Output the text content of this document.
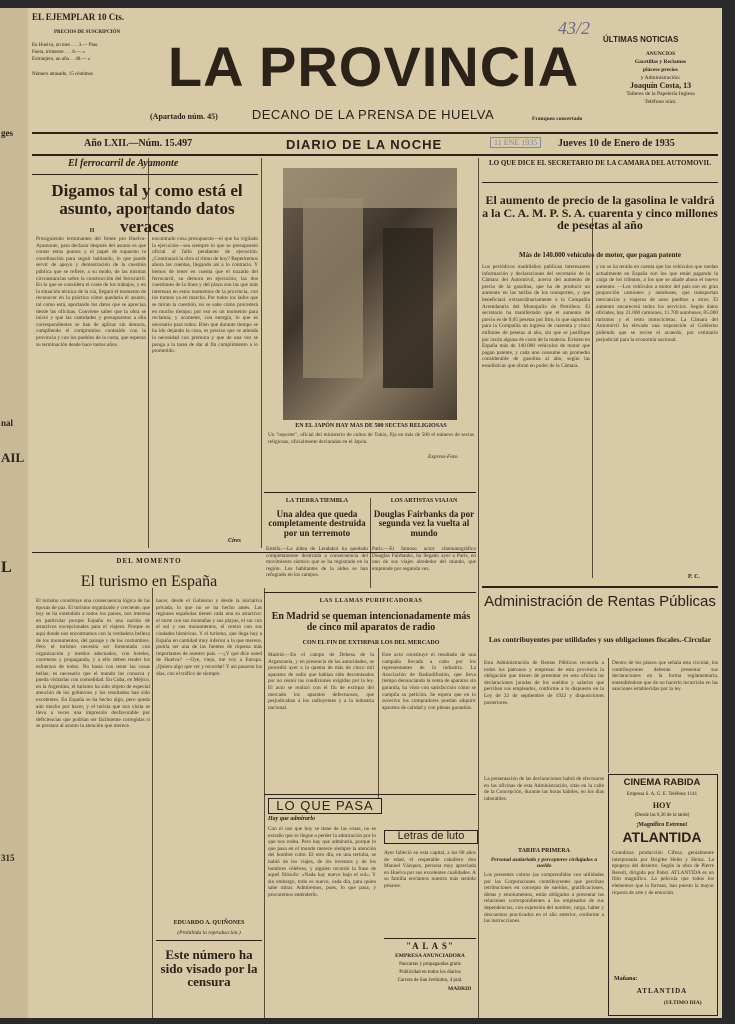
ges
nal
AIL
L
315
EL EJEMPLAR 10 Cts.
PRECIOS DE SUSCRIPCIÓN
En Huelva, un mes . . . 3.— Ptas.
Fuera, trimestre . . . 8.— »
Extranjero, un año . . 48.— »
Número atrasado, 15 céntimos	LA PROVINCIA
DECANO DE LA PRENSA DE HUELVA
(Apartado núm. 45)
ÚLTIMAS NOTICIAS
ANUNCIOS
Gacetillas y Reclamos
plácese precios
y Administración:
Joaquín Costa, 13
Talleres de la Papelería Inglesa
Teléfono núm.
Franqueo concertado
43/2
11 ENE 1935
Año LXII.—Núm. 15.497	DIARIO DE LA NOCHE	Jueves 10 de Enero de 1935
El ferrocarril de Ayamonte
Digamos tal y como está el asunto, aportando datos veraces
II
Prosiguiendo terminantes del frente pro Huelva-Ayamonte, para declarar después del asunto es que contar estos puntos y el papel de supuesto la coordinación para seguir hablando, lo que puede servir de apoyo y demostración de la cuestión pública que se refiere, a su modo, de las mismas circunstancias sobre la construcción del ferrocarril. En lo que se considera el coste de los trabajos, y en la situación técnica de la vía, llegará el momento de reconocer en la práctica cómo quedaría el asunto, tal como está, aportando los datos que se aprecian desde las oficinas. Conviene saber que la obra se inició y que las cantidades y presupuestos a ella correspondientes se han de aplicar sin demora, cumpliendo el compromiso contraído con la provincia y con los pueblos de la costa, que esperan su terminación desde hace tantos años.
encontrado cosa presupuesto—el que ha vigilado la ejecución—sea siempre lo que se presupuestó oficial al fallo pendiente de ejecución. ¿Continuará la obra al ritmo de hoy? Repetiremos ahora las cuentas, llegando así a lo contrario. Y hemos de tener en cuenta que el trazado del ferrocarril, su demora en ejecución, las dos cuestiones de la línea y del plazo son las que más interesan en estos momentos de la provincia, con los tramos ya en marcha. Por todos los lados que se miran la cuestión, no se sabe cómo procederá en mucho tiempo; por eso es un momento para reclamar, y acometer, con energía, lo que es necesario para todos. Bien que durante tiempo se ha ido dejando la cosa, es preciso que se atienda la necesidad con premura y que de una vez se ponga a la tarea de dar al fin cumplimiento a lo prometido.
Cires
EN EL JAPÓN HAY MAS DE 500 SECTAS RELIGIOSAS
Un "reporter", oficial del ministerio de cultos de Tokio, fija en más de 500 el número de sectas religiosas, oficialmente declaradas en el Japón.
Express-Foto.
LA TIERRA TIEMBLA
Una aldea que queda completamente destruida por un terremoto
Estella.—La aldea de Lendakoi ha quedado completamente destruida a consecuencia del movimiento sísmico que se ha registrado en la región. Los habitantes de la aldea se han refugiado en los campos.
LOS ARTISTAS VIAJAN
Douglas Fairbanks da por segunda vez la vuelta al mundo
Paris.—El famoso actor cinematográfico Douglas Fairbanks, ha llegado ayer a París, en uno de sus viajes alrededor del mundo, que emprende por segunda vez.
LO QUE DICE EL SECRETARIO DE LA CAMARA DEL AUTOMOVIL
El aumento de precio de la gasolina le valdrá a la C. A. M. P. S. A. cuarenta y cinco millones de pesetas al año
Más de 140.000 vehículos de motor, que pagan patente
Los periódicos madrileños publican interesantes información y declaraciones del secretario de la Cámara del Automóvil, acerca del aumento de precio de la gasolina, que ha de producir un aumento en las tarifas de los transportes, y que beneficiará extraordinariamente a la Compañía Arrendataria del Monopolio de Petróleos. El secretario ha manifestado que el aumento de precio es de 0,05 pesetas por litro, lo que supondrá para la Compañía un ingreso de cuarenta y cinco millones de pesetas al año, sin que se justifique por razón alguna de costo de la materia. Existen en España más de 140.000 vehículos de motor que pagan patente, y cada uno consume un promedio considerable de gasolina al año, según las estadísticas que obran en poder de la Cámara.
y no se ha tenido en cuenta que los vehículos que ruedan actualmente en España son los que están pagando la carga de los tributos, a los que se añade ahora el nuevo aumento. —Los vehículos a motor del país son en gran proporción camiones y autobuses, que transportan mercancías y viajeros de unos pueblos a otros. El aumento encarecerá todos los servicios. Según datos oficiales, hay 21.000 camiones, 11.700 autobuses, 85.000 turismos y el resto motocicletas. La Cámara del Automóvil ha elevado una exposición al Gobierno pidiendo que se revise el acuerdo, por estimarlo perjudicial para la economía nacional.
P. C.
DEL MOMENTO
El turismo en España
El turismo constituye una consecuencia lógica de las épocas de paz. El turismo organizado y creciente, que hoy se ha extendido a todos los países, nos interesa en particular porque España es una nación de atractivos excepcionales para el viajero. Porque es aquí donde nos encontramos con la verdadera belleza de los monumentos, del paisaje y de las costumbres. Pero el turismo necesita ser fomentado con organización y medios adecuados, con hoteles, carreteras y propaganda, y a ello deben tender los esfuerzos de todos. No basta con tener las cosas bellas; es necesario que el mundo las conozca y pueda visitarlas con comodidad. En Cuba, en Méjico, en la Argentina, el turismo ha sido objeto de especial atención de los gobiernos y los resultados han sido excelentes. En España se ha hecho algo, pero queda aún mucho por hacer, y el turista que nos visita se lleva a veces una impresión desfavorable por deficiencias que podrían ser fácilmente corregidas si se prestara al asunto la atención que merece.
hacer, desde el Gobierno y desde la iniciativa privada, lo que no se ha hecho antes. Las regiones españolas tienen cada una su atractivo: el norte con sus montañas y sus playas, el sur con el sol y sus monumentos, el centro con sus ciudades históricas. Y el turismo, que llega hoy a España en cantidad muy inferior a la que merece, podría ser una de las fuentes de riqueza más importantes de nuestro país. —¿Y qué dice usted de Huelva? —Oye, viejo, me voy a Europa. ¡Quiero algo que ver y recordar! Y así pasaron los días, con el tráfico de siempre.
EDUARDO A. QUIÑONES
(Prohibida la reproducción.)
Este número ha sido visado por la censura
LAS LLAMAS PURIFICADORAS
En Madrid se queman intencionadamente más de cinco mil aparatos de radio
CON EL FIN DE EXTIRPAR LOS DEL MERCADO
Madrid.—En el campo de Dehesa de la Arganzuela, y en presencia de las autoridades, se procedió ayer a la quema de más de cinco mil aparatos de radio que habían sido decomisados por no reunir las condiciones exigidas por la ley. El acto se realizó con el fin de extirpar del mercado los aparatos defectuosos, que perjudicaban a los radioyentes y a la industria nacional.
Este acto constituye el resultado de una campaña llevada a cabo por los representantes de la industria. La Asociación de Radiodifusión, que lleva tiempo denunciando la venta de aparatos sin garantía, ha visto con satisfacción cómo se cumplía su petición. Se espera que en lo sucesivo los compradores puedan adquirir aparatos de calidad y con plenas garantías.
LO QUE PASA
Hay que admirarlo
Con el uso que hoy se tiene de las cosas, no es extraño que se llegue a perder la admiración por lo que nos rodea. Pero hay que admirarlo, porque lo que pasa en el mundo merece siempre la atención del hombre culto. El otro día, en una tertulia, se habló de los viajes, de los inventos y de los hombres célebres, y alguien recordó la frase de aquel filósofo: «Nada hay nuevo bajo el sol». Y sin embargo, todo es nuevo, cada día, para quien sabe mirar. Admiremos, pues, lo que pasa, y procuremos entenderlo.
Letras de luto
Ayer falleció en esta capital, a los 68 años de edad, el respetable caballero don Manuel Vázquez, persona muy apreciada en Huelva por sus excelentes cualidades. A su familia enviamos nuestro más sentido pésame.
"A L A S"
EMPRESA ANUNCIADORA
Pancartas y propagandas gratis
Publicidad en todos los diarios
Carrera de San Jerónimo, 4 pral.
MADRID
Administración de Rentas Públicas
Los contribuyentes por utilidades y sus obligaciones fiscales.-Circular
Esta Administración de Rentas Públicas recuerda a todos los patronos y empresas de esta provincia la obligación que tienen de presentar en esta oficina las declaraciones juradas de los sueldos y salarios que perciban sus empleados, conforme a lo dispuesto en la Ley de 22 de septiembre de 1922 y disposiciones posteriores.
Dentro de los plazos que señala esta circular, los contribuyentes deberán presentar sus declaraciones en la forma reglamentaria, entendiéndose que de no hacerlo incurrirán en las sanciones establecidas por la ley.
TARIFA PRIMERA
Personal asalariado y perceptores civilajados a sueldo
La presentación de las declaraciones habrá de efectuarse en las oficinas de esta Administración, sitas en la calle de la Concepción, durante las horas hábiles, en los días laborables.
Los presentes cobros (as comprendidos con utilidades por las Corporaciones contribuyentes que perciban retribuciones en concepto de sueldos, gratificaciones, dietas y emolumentos, están obligados a presentar las relaciones correspondientes a los empleados de sus dependencias, con expresión del nombre, cargo, haber y descuentos practicados en el año anterior, conforme a las instrucciones.
CINEMA RABIDA
Empresa S. A. G. E. Teléfono 1141
HOY
(Desde las 6,30 de la tarde)
¡Magnífico Estreno!
ATLANTIDA
Grandiosa producción Cifesa, genialmente interpretada por Brigitte Helm y Heinz. La epopeya del desierto. Según la obra de Pierre Benoît, dirigida por Pabst. ATLANTIDA es un film magnífico. La película que todos los elementos que la forman, han puesto la mayor riqueza de arte y de emoción.
Mañana:
ATLANTIDA
(ULTIMO DIA)
